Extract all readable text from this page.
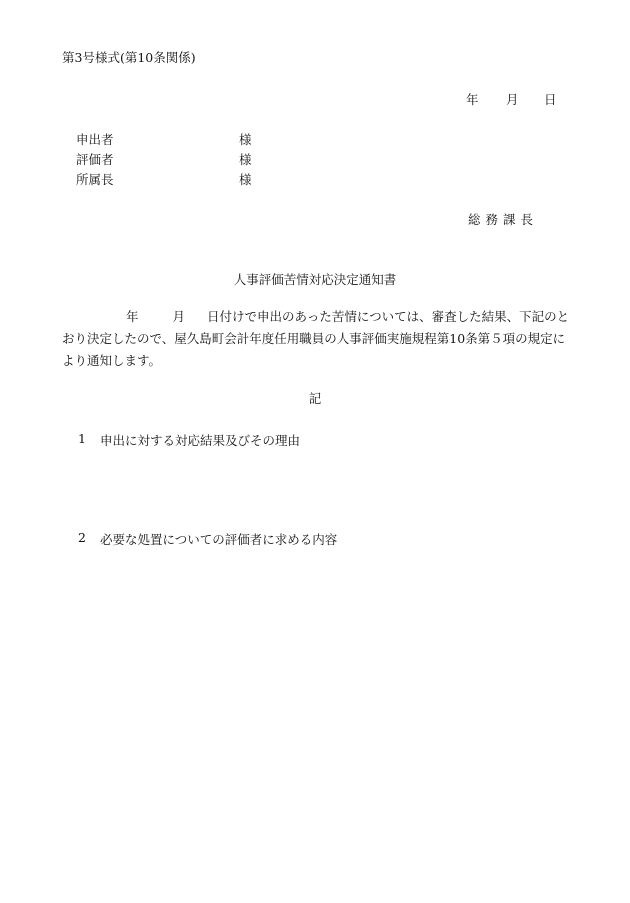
第3号様式(第10条関係)
年 月 日
申出者	様
評価者	様
所属長	様
総務課長
人事評価苦情対応決定通知書
年	月 日付けで申出のあった苦情については、審査した結果、下記のと
おり決定したので、屋久島町会計年度任用職員の人事評価実施規程第10条第５項の規定に
より通知します。
記
1 申出に対する対応結果及びその理由
2 必要な処置についての評価者に求める内容
